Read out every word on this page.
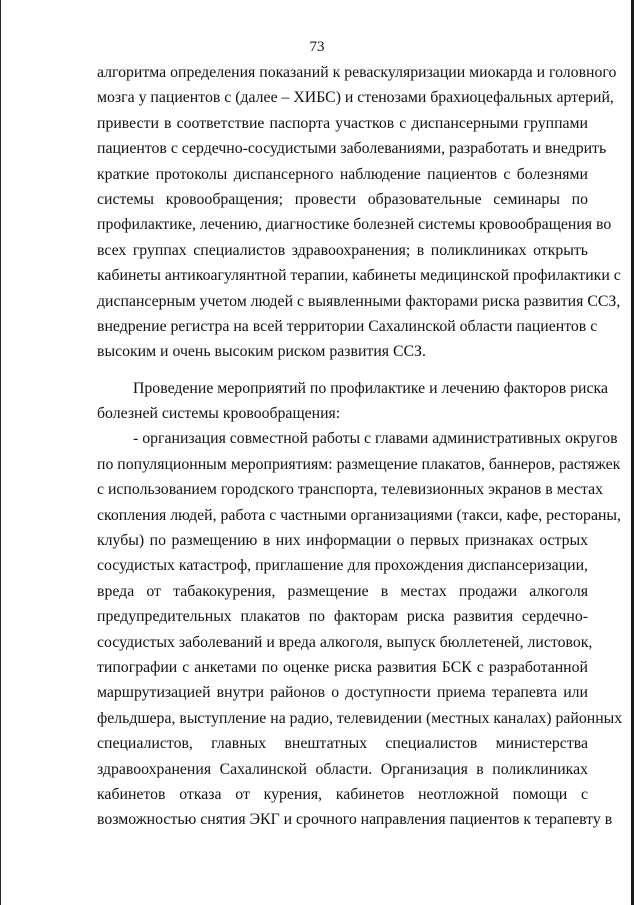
73
алгоритма определения показаний к реваскуляризации миокарда и головного
мозга у пациентов с (далее – ХИБС) и стенозами брахиоцефальных артерий,
привести в соответствие паспорта участков с диспансерными группами
пациентов с сердечно-сосудистыми заболеваниями, разработать и внедрить
краткие протоколы диспансерного наблюдение пациентов с болезнями
системы кровообращения; провести образовательные семинары по
профилактике, лечению, диагностике болезней системы кровообращения во
всех группах специалистов здравоохранения; в поликлиниках открыть
кабинеты антикоагулянтной терапии, кабинеты медицинской профилактики с
диспансерным учетом людей с выявленными факторами риска развития ССЗ,
внедрение регистра на всей территории Сахалинской области пациентов с
высоким и очень высоким риском развития ССЗ.
Проведение мероприятий по профилактике и лечению факторов риска
болезней системы кровообращения:
- организация совместной работы с главами административных округов
по популяционным мероприятиям: размещение плакатов, баннеров, растяжек
с использованием городского транспорта, телевизионных экранов в местах
скопления людей, работа с частными организациями (такси, кафе, рестораны,
клубы) по размещению в них информации о первых признаках острых
сосудистых катастроф, приглашение для прохождения диспансеризации,
вреда от табакокурения, размещение в местах продажи алкоголя
предупредительных плакатов по факторам риска развития сердечно-
сосудистых заболеваний и вреда алкоголя, выпуск бюллетеней, листовок,
типографии с анкетами по оценке риска развития БСК с разработанной
маршрутизацией внутри районов о доступности приема терапевта или
фельдшера, выступление на радио, телевидении (местных каналах) районных
специалистов, главных внештатных специалистов министерства
здравоохранения Сахалинской области. Организация в поликлиниках
кабинетов отказа от курения, кабинетов неотложной помощи с
возможностью снятия ЭКГ и срочного направления пациентов к терапевту в
